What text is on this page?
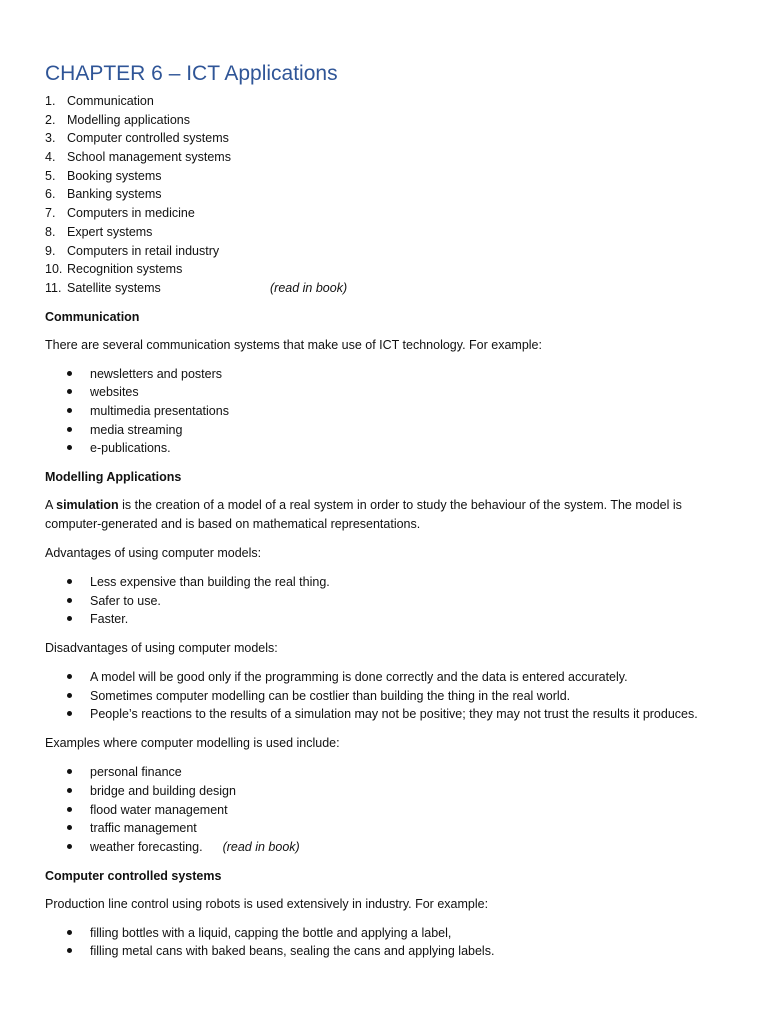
CHAPTER 6 – ICT Applications
1. Communication
2. Modelling applications
3. Computer controlled systems
4. School management systems
5. Booking systems
6. Banking systems
7. Computers in medicine
8. Expert systems
9. Computers in retail industry
10. Recognition systems
11. Satellite systems	(read in book)
Communication

There are several communication systems that make use of ICT technology. For example:

newsletters and posters
websites
multimedia presentations
media streaming
e-publications.
Modelling Applications

A simulation is the creation of a model of a real system in order to study the behaviour of the system. The model is computer-generated and is based on mathematical representations.

Advantages of using computer models:

Less expensive than building the real thing.
Safer to use.
Faster.

Disadvantages of using computer models:

A model will be good only if the programming is done correctly and the data is entered accurately.
Sometimes computer modelling can be costlier than building the thing in the real world.
People’s reactions to the results of a simulation may not be positive; they may not trust the results it produces.

Examples where computer modelling is used include:

personal finance
bridge and building design
flood water management
traffic management
weather forecasting. (read in book)
Computer controlled systems

Production line control using robots is used extensively in industry. For example:

filling bottles with a liquid, capping the bottle and applying a label,
filling metal cans with baked beans, sealing the cans and applying labels.
